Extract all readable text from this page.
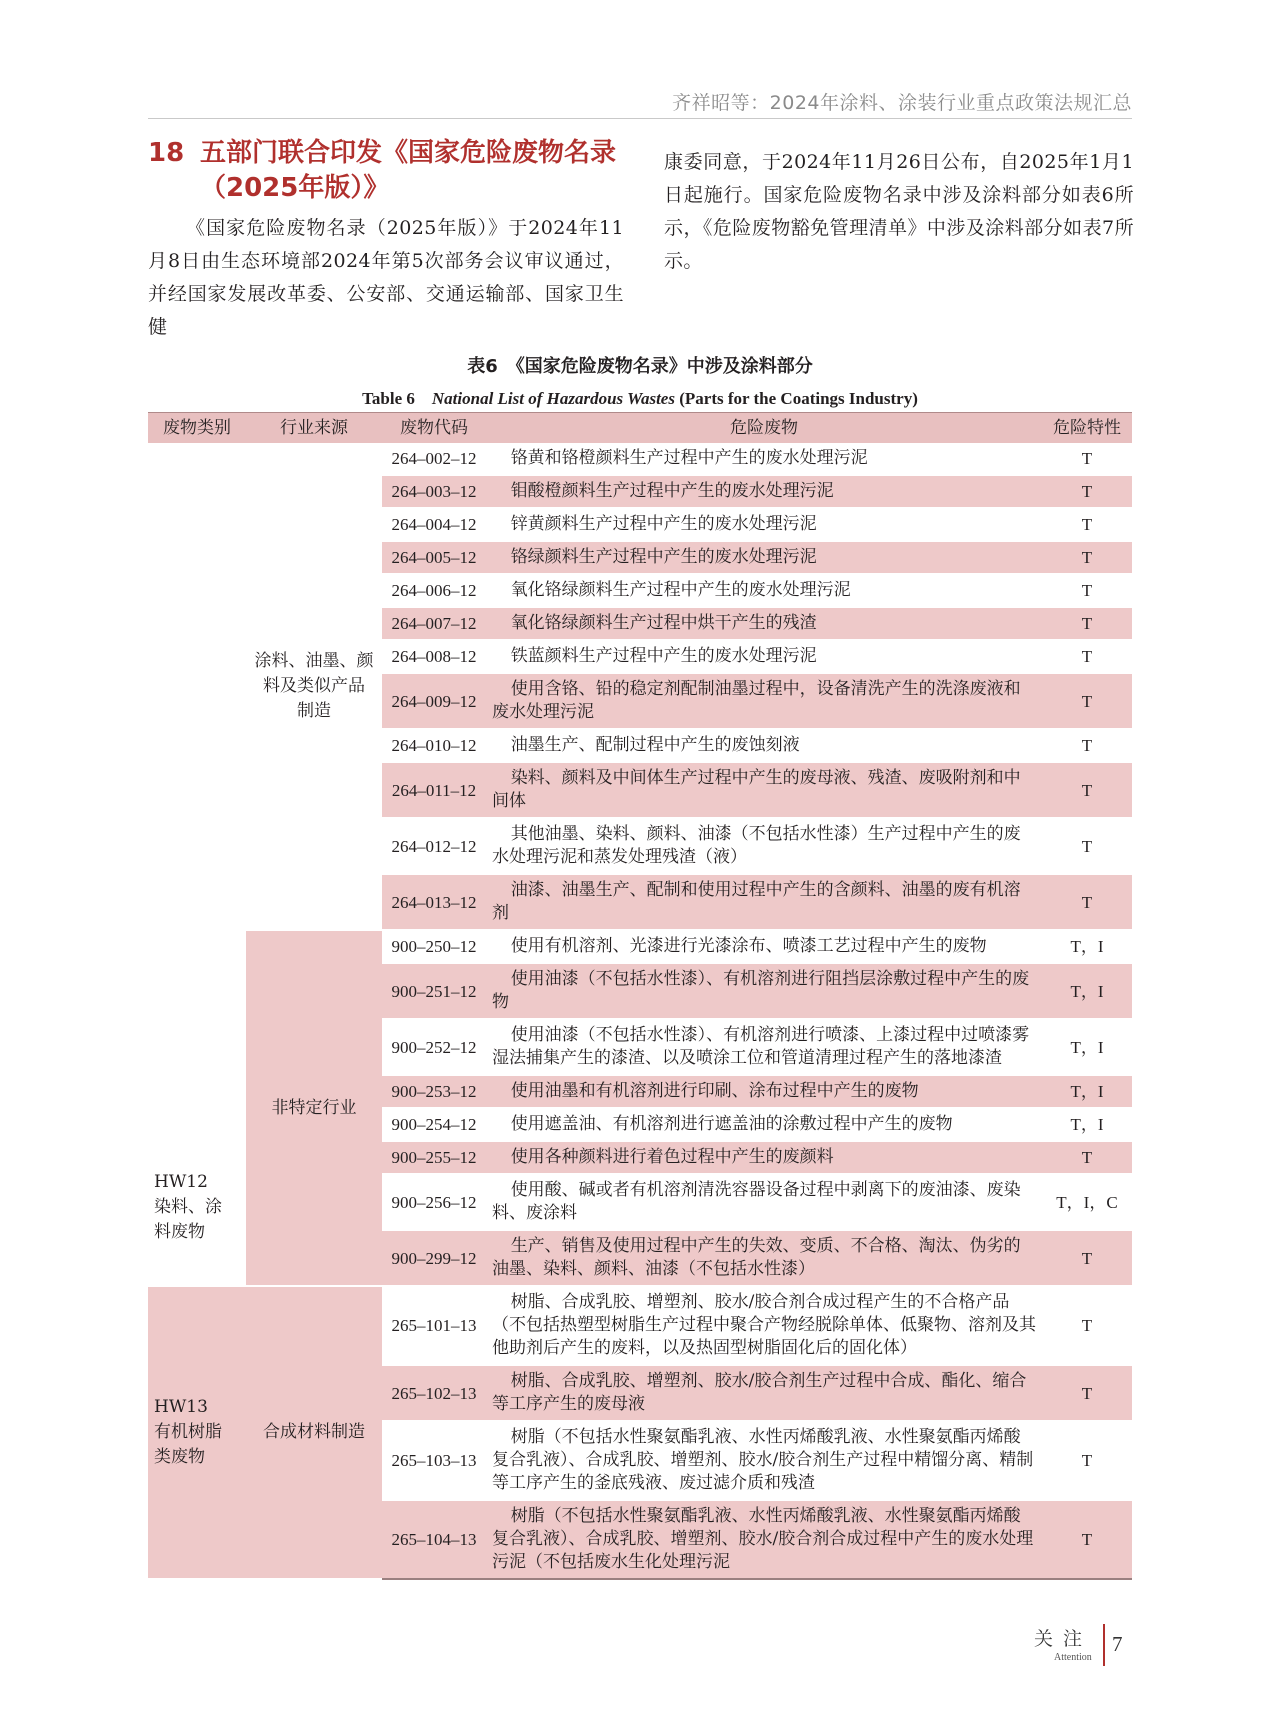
齐祥昭等：2024年涂料、涂装行业重点政策法规汇总
18 五部门联合印发《国家危险废物名录
（2025年版）》

《国家危险废物名录（2025年版）》于2024年11月8日由生态环境部2024年第5次部务会议审议通过，并经国家发展改革委、公安部、交通运输部、国家卫生健

康委同意，于2024年11月26日公布，自2025年1月1日起施行。国家危险废物名录中涉及涂料部分如表6所示，《危险废物豁免管理清单》中涉及涂料部分如表7所示。

表6　《国家危险废物名录》中涉及涂料部分
Table 6　National List of Hazardous Wastes (Parts for the Coatings Industry)
废物类别	行业来源	废物代码	危险废物	危险特性
HW12
染料、涂
料废物	涂料、油墨、颜
料及类似产品
制造	264–002–12	铬黄和铬橙颜料生产过程中产生的废水处理污泥	T
		264–003–12	钼酸橙颜料生产过程中产生的废水处理污泥	T
		264–004–12	锌黄颜料生产过程中产生的废水处理污泥	T
		264–005–12	铬绿颜料生产过程中产生的废水处理污泥	T
		264–006–12	氧化铬绿颜料生产过程中产生的废水处理污泥	T
		264–007–12	氧化铬绿颜料生产过程中烘干产生的残渣	T
		264–008–12	铁蓝颜料生产过程中产生的废水处理污泥	T
		264–009–12	使用含铬、铅的稳定剂配制油墨过程中，设备清洗产生的洗涤废液和废水处理污泥	T
		264–010–12	油墨生产、配制过程中产生的废蚀刻液	T
		264–011–12	染料、颜料及中间体生产过程中产生的废母液、残渣、废吸附剂和中间体	T
		264–012–12	其他油墨、染料、颜料、油漆（不包括水性漆）生产过程中产生的废水处理污泥和蒸发处理残渣（液）	T
		264–013–12	油漆、油墨生产、配制和使用过程中产生的含颜料、油墨的废有机溶剂	T
	非特定行业	900–250–12	使用有机溶剂、光漆进行光漆涂布、喷漆工艺过程中产生的废物	T，I
		900–251–12	使用油漆（不包括水性漆）、有机溶剂进行阻挡层涂敷过程中产生的废物	T，I
		900–252–12	使用油漆（不包括水性漆）、有机溶剂进行喷漆、上漆过程中过喷漆雾湿法捕集产生的漆渣、以及喷涂工位和管道清理过程产生的落地漆渣	T，I
		900–253–12	使用油墨和有机溶剂进行印刷、涂布过程中产生的废物	T，I
		900–254–12	使用遮盖油、有机溶剂进行遮盖油的涂敷过程中产生的废物	T，I
		900–255–12	使用各种颜料进行着色过程中产生的废颜料	T
		900–256–12	使用酸、碱或者有机溶剂清洗容器设备过程中剥离下的废油漆、废染料、废涂料	T，I，C
		900–299–12	生产、销售及使用过程中产生的失效、变质、不合格、淘汰、伪劣的油墨、染料、颜料、油漆（不包括水性漆）	T
HW13
有机树脂
类废物	合成材料制造	265–101–13	树脂、合成乳胶、增塑剂、胶水/胶合剂合成过程产生的不合格产品（不包括热塑型树脂生产过程中聚合产物经脱除单体、低聚物、溶剂及其他助剂后产生的废料，以及热固型树脂固化后的固化体）	T
		265–102–13	树脂、合成乳胶、增塑剂、胶水/胶合剂生产过程中合成、酯化、缩合等工序产生的废母液	T
		265–103–13	树脂（不包括水性聚氨酯乳液、水性丙烯酸乳液、水性聚氨酯丙烯酸复合乳液）、合成乳胶、增塑剂、胶水/胶合剂生产过程中精馏分离、精制等工序产生的釜底残液、废过滤介质和残渣	T
		265–104–13	树脂（不包括水性聚氨酯乳液、水性丙烯酸乳液、水性聚氨酯丙烯酸复合乳液）、合成乳胶、增塑剂、胶水/胶合剂合成过程中产生的废水处理污泥（不包括废水生化处理污泥	T
关注
Attention
7
